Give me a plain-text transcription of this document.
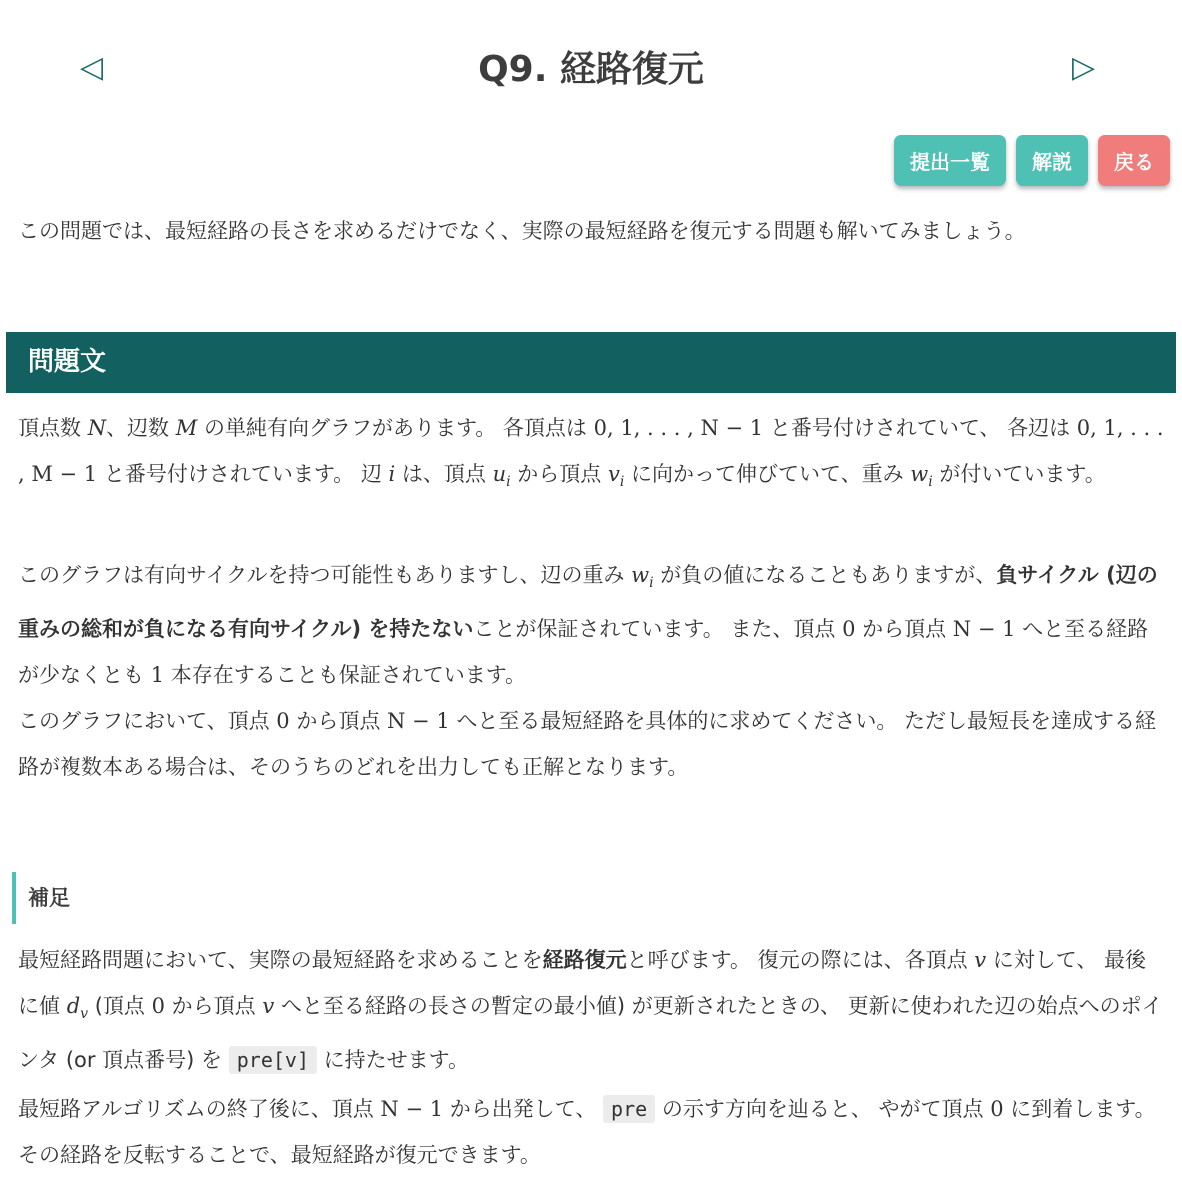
◁	Q9. 経路復元	▷
提出一覧	解説	戻る

この問題では、最短経路の長さを求めるだけでなく、実際の最短経路を復元する問題も解いてみましょう。

問題文

頂点数 N、辺数 M の単純有向グラフがあります。 各頂点は 0, 1, . . . , N − 1 と番号付けされていて、 各辺は 0, 1, . . . , M − 1 と番号付けされています。 辺 i は、頂点 $u_i$ から頂点 $v_i$ に向かって伸びていて、重み $w_i$ が付いています。

このグラフは有向サイクルを持つ可能性もありますし、辺の重み $w_i$ が負の値になることもありますが、負サイクル (辺の重みの総和が負になる有向サイクル) を持たないことが保証されています。 また、頂点 0 から頂点 N − 1 へと至る経路が少なくとも 1 本存在することも保証されています。

このグラフにおいて、頂点 0 から頂点 N − 1 へと至る最短経路を具体的に求めてください。 ただし最短長を達成する経路が複数本ある場合は、そのうちのどれを出力しても正解となります。

補足

最短経路問題において、実際の最短経路を求めることを経路復元と呼びます。 復元の際には、各頂点 v に対して、 最後に値 $d_v$ (頂点 0 から頂点 v へと至る経路の長さの暫定の最小値) が更新されたときの、 更新に使われた辺の始点へのポインタ (or 頂点番号) を pre[v] に持たせます。

最短路アルゴリズムの終了後に、頂点 N − 1 から出発して、 pre の示す方向を辿ると、 やがて頂点 0 に到着します。 その経路を反転することで、最短経路が復元できます。
